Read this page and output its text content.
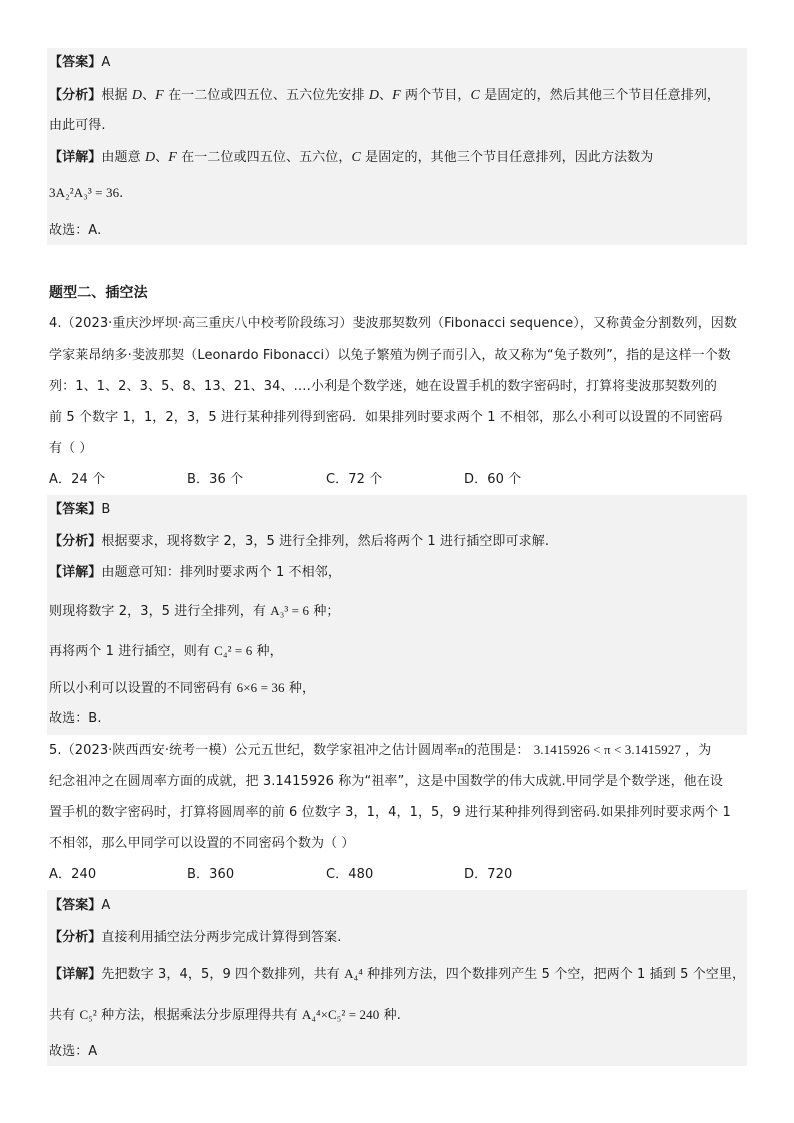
【答案】A
【分析】根据 D、F 在一二位或四五位、五六位先安排 D、F 两个节目，C 是固定的，然后其他三个节目任意排列，
由此可得.
【详解】由题意 D、F 在一二位或四五位、五六位，C 是固定的，其他三个节目任意排列，因此方法数为
3A₂²A₃³ = 36.
故选：A.
题型二、插空法
4.（2023·重庆沙坪坝·高三重庆八中校考阶段练习）斐波那契数列（Fibonacci sequence），又称黄金分割数列，因数
学家莱昂纳多·斐波那契（Leonardo Fibonacci）以兔子繁殖为例子而引入，故又称为“兔子数列”，指的是这样一个数
列：1、1、2、3、5、8、13、21、34、….小利是个数学迷，她在设置手机的数字密码时，打算将斐波那契数列的
前 5 个数字 1，1，2，3，5 进行某种排列得到密码．如果排列时要求两个 1 不相邻，那么小利可以设置的不同密码
有（ ）
A．24 个	B．36 个	C．72 个	D．60 个
【答案】B
【分析】根据要求，现将数字 2，3，5 进行全排列，然后将两个 1 进行插空即可求解.
【详解】由题意可知：排列时要求两个 1 不相邻，
则现将数字 2，3，5 进行全排列，有 A₃³ = 6 种；
再将两个 1 进行插空，则有 C₄² = 6 种，
所以小利可以设置的不同密码有 6×6 = 36 种，
故选：B.
5.（2023·陕西西安·统考一模）公元五世纪，数学家祖冲之估计圆周率π的范围是： 3.1415926 < π < 3.1415927 ，为
纪念祖冲之在圆周率方面的成就，把 3.1415926 称为“祖率”，这是中国数学的伟大成就.甲同学是个数学迷，他在设
置手机的数字密码时，打算将圆周率的前 6 位数字 3，1，4，1，5，9 进行某种排列得到密码.如果排列时要求两个 1
不相邻，那么甲同学可以设置的不同密码个数为（ ）
A．240	B．360	C．480	D．720
【答案】A
【分析】直接利用插空法分两步完成计算得到答案.
【详解】先把数字 3，4，5，9 四个数排列，共有 A₄⁴ 种排列方法，四个数排列产生 5 个空，把两个 1 插到 5 个空里，
共有 C₅² 种方法，根据乘法分步原理得共有 A₄⁴×C₅² = 240 种.
故选：A
